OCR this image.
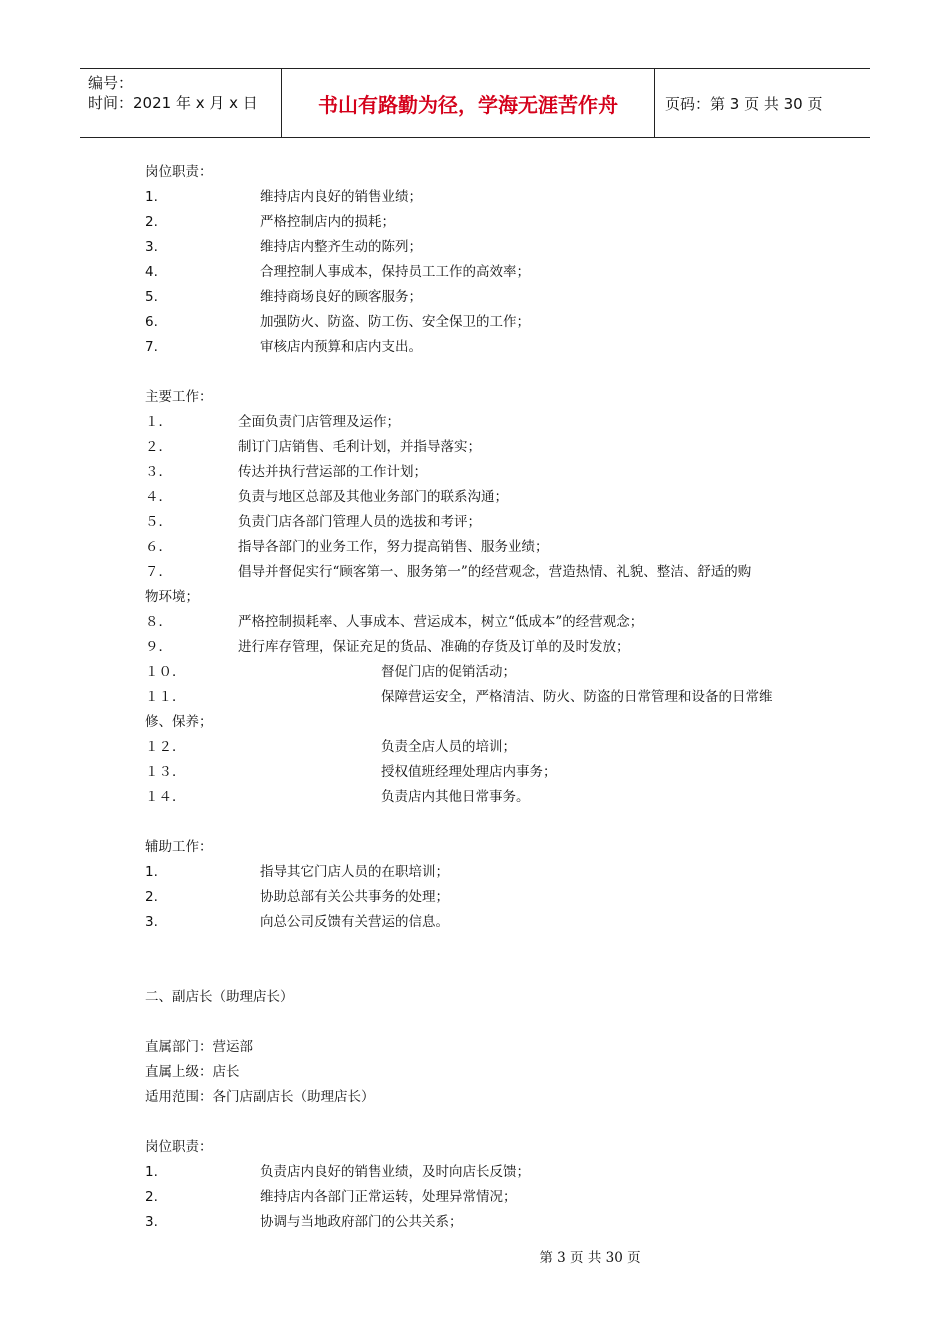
编号：
时间：2021 年 x 月 x 日	书山有路勤为径，学海无涯苦作舟	页码：第 3 页 共 30 页
岗位职责：
1.	维持店内良好的销售业绩；
2.	严格控制店内的损耗；
3.	维持店内整齐生动的陈列；
4.	合理控制人事成本，保持员工工作的高效率；
5.	维持商场良好的顾客服务；
6.	加强防火、防盗、防工伤、安全保卫的工作；
7.	审核店内预算和店内支出。
主要工作：
１．	全面负责门店管理及运作；
２．	制订门店销售、毛利计划，并指导落实；
３．	传达并执行营运部的工作计划；
４．	负责与地区总部及其他业务部门的联系沟通；
５．	负责门店各部门管理人员的选拔和考评；
６．	指导各部门的业务工作，努力提高销售、服务业绩；
７．	倡导并督促实行“顾客第一、服务第一”的经营观念，营造热情、礼貌、整洁、舒适的购
物环境；
８．	严格控制损耗率、人事成本、营运成本，树立“低成本”的经营观念；
９．	进行库存管理，保证充足的货品、准确的存货及订单的及时发放；
１０．	督促门店的促销活动；
１１．	保障营运安全，严格清洁、防火、防盗的日常管理和设备的日常维
修、保养；
１２．	负责全店人员的培训；
１３．	授权值班经理处理店内事务；
１４．	负责店内其他日常事务。
辅助工作：
1.	指导其它门店人员的在职培训；
2.	协助总部有关公共事务的处理；
3.	向总公司反馈有关营运的信息。
二、副店长（助理店长）
直属部门：营运部
直属上级：店长
适用范围：各门店副店长（助理店长）
岗位职责：
1.	负责店内良好的销售业绩，及时向店长反馈；
2.	维持店内各部门正常运转，处理异常情况；
3.	协调与当地政府部门的公共关系；
第 3 页 共 30 页
